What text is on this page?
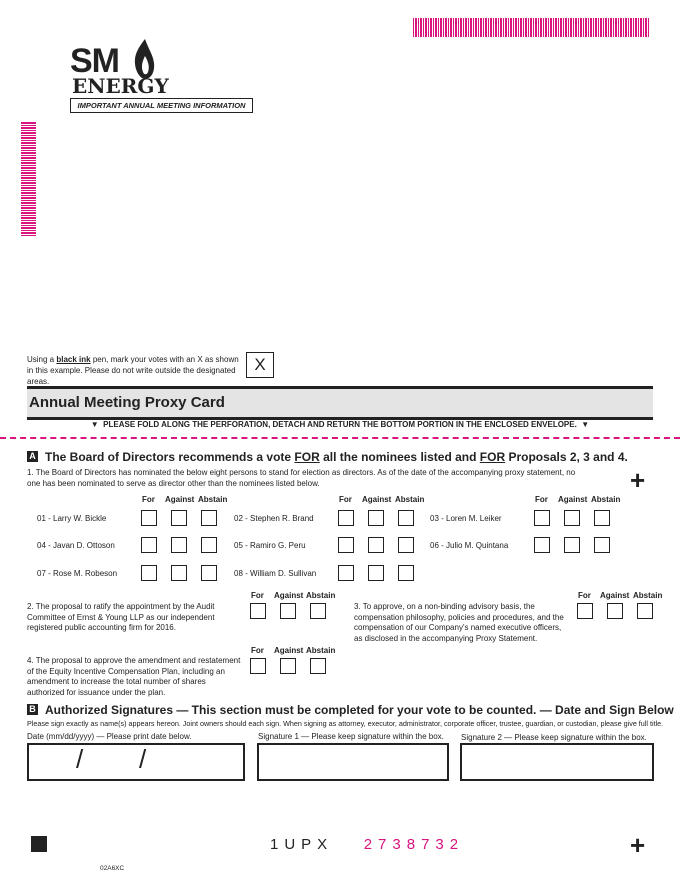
SM
ENERGY
IMPORTANT ANNUAL MEETING INFORMATION
Using a black ink pen, mark your votes with an X as shown in this example. Please do not write outside the designated areas.
X
Annual Meeting Proxy Card
▼ PLEASE FOLD ALONG THE PERFORATION, DETACH AND RETURN THE BOTTOM PORTION IN THE ENCLOSED ENVELOPE. ▼
A The Board of Directors recommends a vote FOR all the nominees listed and FOR Proposals 2, 3 and 4.
1. The Board of Directors has nominated the below eight persons to stand for election as directors. As of the date of the accompanying proxy statement, no one has been nominated to serve as director other than the nominees listed below.	+
For Against Abstain	For Against Abstain	For Against Abstain
01 - Larry W. Bickle	02 - Stephen R. Brand	03 - Loren M. Leiker
04 - Javan D. Ottoson	05 - Ramiro G. Peru	06 - Julio M. Quintana
07 - Rose M. Robeson	08 - William D. Sullivan
For Against Abstain
2. The proposal to ratify the appointment by the Audit Committee of Ernst & Young LLP as our independent registered public accounting firm for 2016.
For Against Abstain
3. To approve, on a non-binding advisory basis, the compensation philosophy, policies and procedures, and the compensation of our Company's named executive officers, as disclosed in the accompanying Proxy Statement.
For Against Abstain
4. The proposal to approve the amendment and restatement of the Equity Incentive Compensation Plan, including an amendment to increase the total number of shares authorized for issuance under the plan.
B Authorized Signatures — This section must be completed for your vote to be counted. — Date and Sign Below
Please sign exactly as name(s) appears hereon. Joint owners should each sign. When signing as attorney, executor, administrator, corporate officer, trustee, guardian, or custodian, please give full title.
Date (mm/dd/yyyy) — Please print date below.	Signature 1 — Please keep signature within the box. Signature 2 — Please keep signature within the box.
/ /
1UPX 2738732	+
02A6XC
